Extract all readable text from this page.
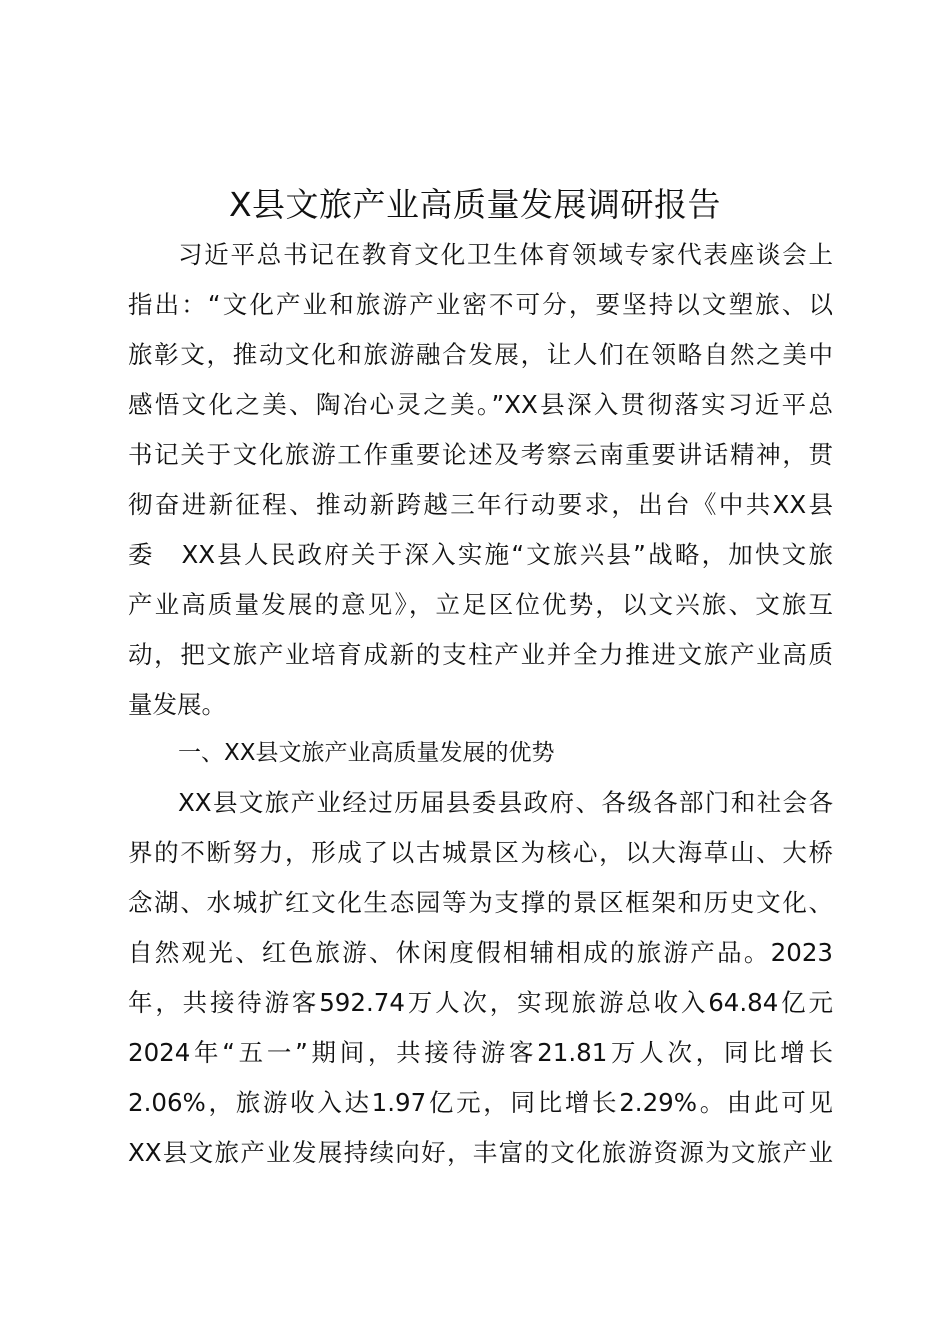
X县文旅产业高质量发展调研报告
习近平总书记在教育文化卫生体育领域专家代表座谈会上
指出：“文化产业和旅游产业密不可分，要坚持以文塑旅、以
旅彰文，推动文化和旅游融合发展，让人们在领略自然之美中
感悟文化之美、陶冶心灵之美。”XX县深入贯彻落实习近平总
书记关于文化旅游工作重要论述及考察云南重要讲话精神，贯
彻奋进新征程、推动新跨越三年行动要求，出台《中共XX县
委　XX县人民政府关于深入实施“文旅兴县”战略，加快文旅
产业高质量发展的意见》，立足区位优势，以文兴旅、文旅互
动，把文旅产业培育成新的支柱产业并全力推进文旅产业高质
量发展。
一、XX县文旅产业高质量发展的优势
XX县文旅产业经过历届县委县政府、各级各部门和社会各
界的不断努力，形成了以古城景区为核心，以大海草山、大桥
念湖、水城扩红文化生态园等为支撑的景区框架和历史文化、
自然观光、红色旅游、休闲度假相辅相成的旅游产品。2023
年，共接待游客592.74万人次，实现旅游总收入64.84亿元
2024年“五一”期间，共接待游客21.81万人次，同比增长
2.06%，旅游收入达1.97亿元，同比增长2.29%。由此可见
XX县文旅产业发展持续向好，丰富的文化旅游资源为文旅产业
